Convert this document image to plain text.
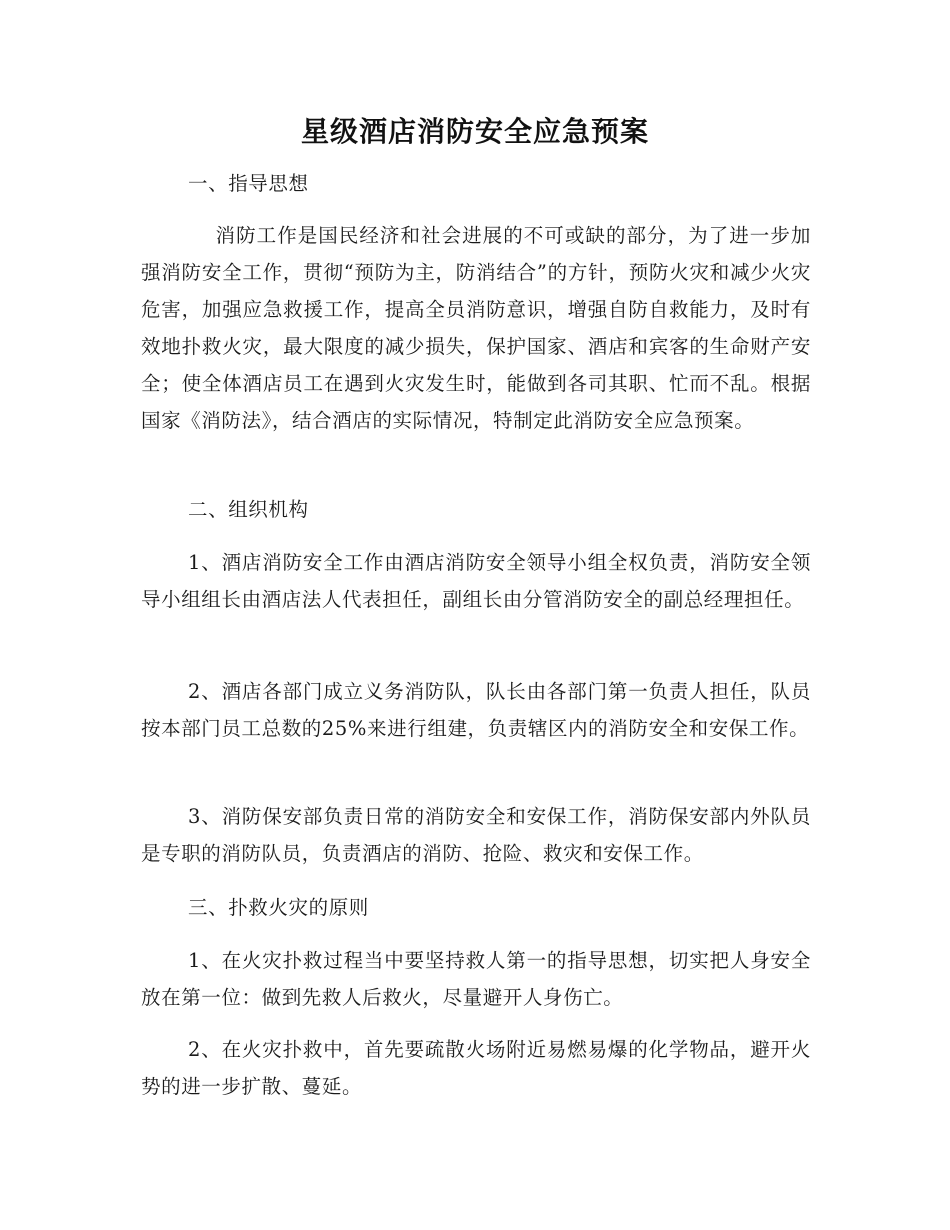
星级酒店消防安全应急预案
一、指导思想
　消防工作是国民经济和社会进展的不可或缺的部分，为了进一步加强消防安全工作，贯彻“预防为主，防消结合”的方针，预防火灾和减少火灾危害，加强应急救援工作，提高全员消防意识，增强自防自救能力，及时有效地扑救火灾，最大限度的减少损失，保护国家、酒店和宾客的生命财产安全；使全体酒店员工在遇到火灾发生时，能做到各司其职、忙而不乱。根据国家《消防法》，结合酒店的实际情况，特制定此消防安全应急预案。
二、组织机构
1、酒店消防安全工作由酒店消防安全领导小组全权负责，消防安全领导小组组长由酒店法人代表担任，副组长由分管消防安全的副总经理担任。
2、酒店各部门成立义务消防队，队长由各部门第一负责人担任，队员按本部门员工总数的25%来进行组建，负责辖区内的消防安全和安保工作。
3、消防保安部负责日常的消防安全和安保工作，消防保安部内外队员是专职的消防队员，负责酒店的消防、抢险、救灾和安保工作。
三、扑救火灾的原则
1、在火灾扑救过程当中要坚持救人第一的指导思想，切实把人身安全放在第一位：做到先救人后救火，尽量避开人身伤亡。
2、在火灾扑救中，首先要疏散火场附近易燃易爆的化学物品，避开火势的进一步扩散、蔓延。
